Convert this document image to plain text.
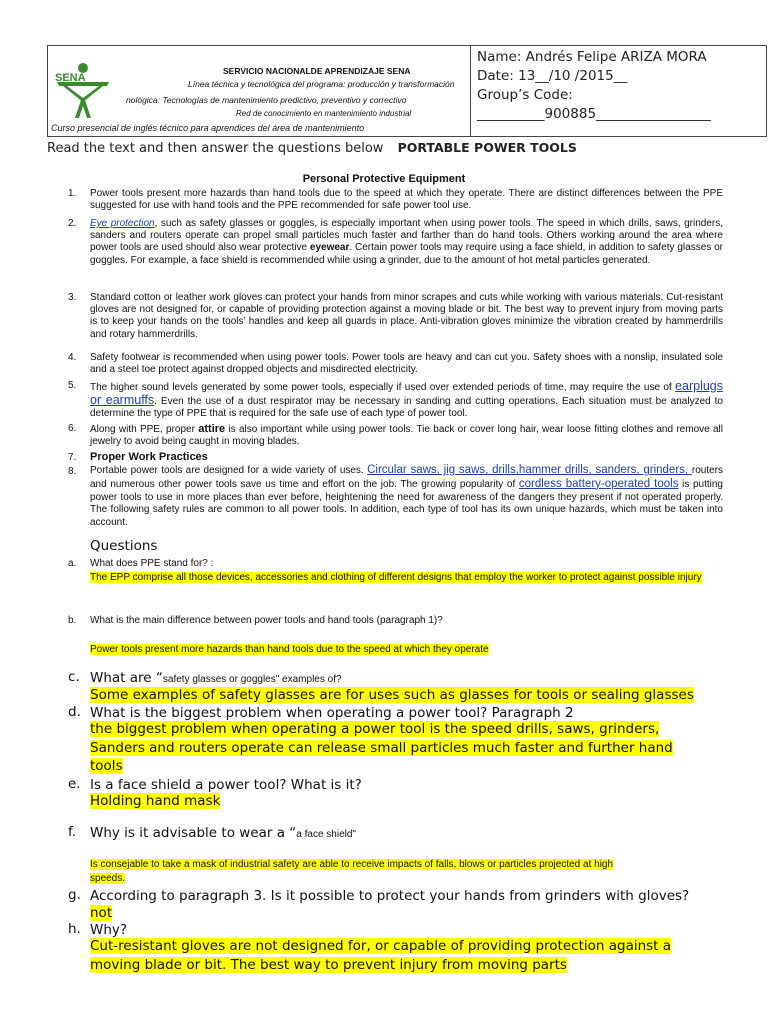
SENA
SERVICIO NACIONALDE APRENDIZAJE SENA
Línea técnica y tecnológica del programa: producción y transformación
nológica: Tecnologías de mantenimiento predictivo, preventivo y correctivo
Red de conocimiento en mantenimiento industrial
Curso presencial de inglés técnico para aprendices del área de mantenimiento
Name: Andrés Felipe ARIZA MORA
Date: 13__/10 /2015__
Group’s Code:
__________900885_________________
Read the text and then answer the questions below PORTABLE POWER TOOLS
Personal Protective Equipment
1. Power tools present more hazards than hand tools due to the speed at which they operate. There are distinct differences between the PPE suggested for use with hand tools and the PPE recommended for safe power tool use.
2. Eye protection, such as safety glasses or goggles, is especially important when using power tools. The speed in which drills, saws, grinders, sanders and routers operate can propel small particles much faster and farther than do hand tools. Others working around the area where power tools are used should also wear protective eyewear. Certain power tools may require using a face shield, in addition to safety glasses or goggles. For example, a face shield is recommended while using a grinder, due to the amount of hot metal particles generated.
3. Standard cotton or leather work gloves can protect your hands from minor scrapes and cuts while working with various materials. Cut-resistant gloves are not designed for, or capable of providing protection against a moving blade or bit. The best way to prevent injury from moving parts is to keep your hands on the tools' handles and keep all guards in place. Anti-vibration gloves minimize the vibration created by hammerdrills and rotary hammerdrills.
4. Safety footwear is recommended when using power tools. Power tools are heavy and can cut you. Safety shoes with a nonslip, insulated sole and a steel toe protect against dropped objects and misdirected electricity.
5. The higher sound levels generated by some power tools, especially if used over extended periods of time, may require the use of earplugs or earmuffs. Even the use of a dust respirator may be necessary in sanding and cutting operations. Each situation must be analyzed to determine the type of PPE that is required for the safe use of each type of power tool.
6. Along with PPE, proper attire is also important while using power tools. Tie back or cover long hair, wear loose fitting clothes and remove all jewelry to avoid being caught in moving blades.
7. Proper Work Practices
8. Portable power tools are designed for a wide variety of uses. Circular saws, jig saws, drills,hammer drills, sanders, grinders, routers and numerous other power tools save us time and effort on the job. The growing popularity of cordless battery-operated tools is putting power tools to use in more places than ever before, heightening the need for awareness of the dangers they present if not operated properly. The following safety rules are common to all power tools. In addition, each type of tool has its own unique hazards, which must be taken into account.
Questions
a. What does PPE stand for? :
The EPP comprise all those devices, accessories and clothing of different designs that employ the worker to protect against possible injury
b. What is the main difference between power tools and hand tools (paragraph 1)?
Power tools present more hazards than hand tools due to the speed at which they operate
c. What are “safety glasses or goggles" examples of?
Some examples of safety glasses are for uses such as glasses for tools or sealing glasses
d. What is the biggest problem when operating a power tool? Paragraph 2
the biggest problem when operating a power tool is the speed drills, saws, grinders,
Sanders and routers operate can release small particles much faster and further hand
tools
e. Is a face shield a power tool? What is it?
Holding hand mask
f. Why is it advisable to wear a “a face shield"
Is consejable to take a mask of industrial safety are able to receive impacts of falls, blows or particles projected at high
speeds.
g. According to paragraph 3. Is it possible to protect your hands from grinders with gloves?
not
h. Why?
Cut-resistant gloves are not designed for, or capable of providing protection against a
moving blade or bit. The best way to prevent injury from moving parts
